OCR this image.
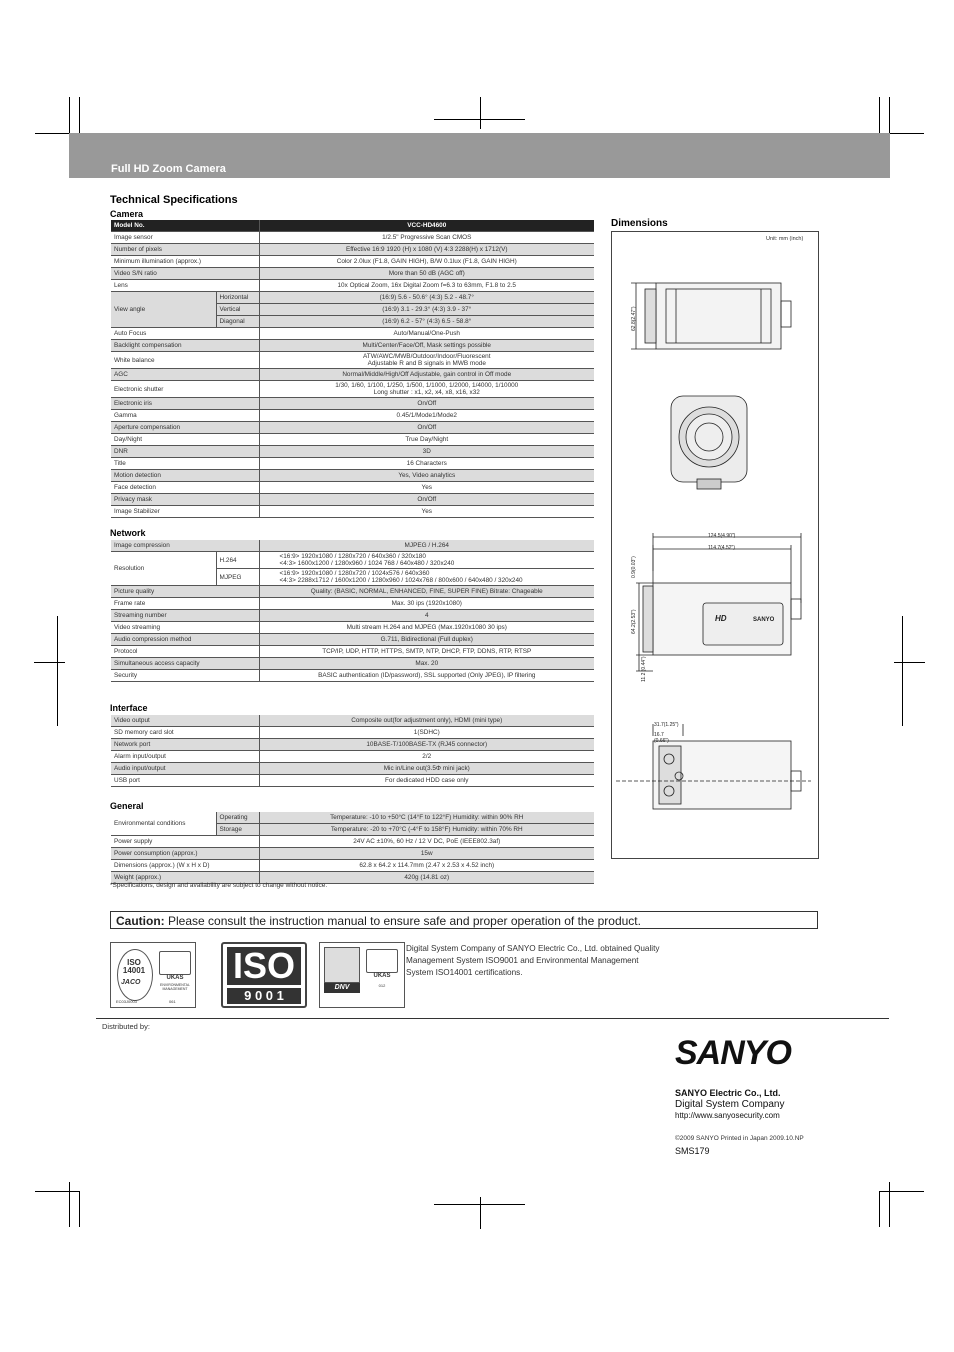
Full HD Zoom Camera
Technical Specifications
Camera
Model No.		VCC-HD4600
Image sensor		1/2.5" Progressive Scan CMOS
Number of pixels		Effective 16:9 1920 (H) x 1080 (V) 4:3 2288(H) x 1712(V)
Minimum illumination (approx.)		Color 2.0lux (F1.8, GAIN HIGH), B/W 0.1lux (F1.8, GAIN HIGH)
Video S/N ratio		More than 50 dB (AGC off)
Lens		10x Optical Zoom, 16x Digital Zoom f=6.3 to 63mm, F1.8 to 2.5
View angle	Horizontal	(16:9) 5.6 - 50.6° (4:3) 5.2 - 48.7°
	Vertical	(16:9) 3.1 - 29.3° (4:3) 3.9 - 37°
	Diagonal	(16:9) 6.2 - 57° (4:3) 6.5 - 58.8°
Auto Focus		Auto/Manual/One-Push
Backlight compensation		Multi/Center/Face/Off, Mask settings possible
White balance		ATW/AWC/MWB/Outdoor/Indoor/Fluorescent
Adjustable R and B signals in MWB mode

AGC		Normal/Middle/High/Off Adjustable, gain control in Off mode
Electronic shutter		1/30, 1/60, 1/100, 1/250, 1/500, 1/1000, 1/2000, 1/4000, 1/10000
Long shutter : x1, x2, x4, x8, x16, x32

Electronic iris		On/Off
Gamma		0.45/1/Mode1/Mode2
Aperture compensation		On/Off
Day/Night		True Day/Night
DNR		3D
Title		16 Characters
Motion detection		Yes, Video analytics
Face detection		Yes
Privacy mask		On/Off
Image Stabilizer		Yes
Network
Image compression		MJPEG / H.264
Resolution	H.264	<16:9> 1920x1080 / 1280x720 / 640x360 / 320x180
<4:3> 1600x1200 / 1280x960 / 1024 768 / 640x480 / 320x240

	MJPEG	<16:9> 1920x1080 / 1280x720 / 1024x576 / 640x360
<4:3> 2288x1712 / 1600x1200 / 1280x960 / 1024x768 / 800x600 / 640x480 / 320x240

Picture quality		Quality: (BASIC, NORMAL, ENHANCED, FINE, SUPER FINE) Bitrate: Chageable
Frame rate		Max. 30 ips (1920x1080)
Streaming number		4
Video streaming		Multi stream H.264 and MJPEG (Max.1920x1080 30 ips)
Audio compression method		G.711, Bidirectional (Full duplex)
Protocol		TCP/IP, UDP, HTTP, HTTPS, SMTP, NTP, DHCP, FTP, DDNS, RTP, RTSP
Simultaneous access capacity		Max. 20
Security		BASIC authentication (ID/password), SSL supported (Only JPEG), IP filtering
Interface
Video output	Composite out(for adjustment only), HDMI (mini type)
SD memory card slot	1(SDHC)
Network port	10BASE-T/100BASE-TX (RJ45 connector)
Alarm input/output	2/2
Audio input/output	Mic in/Line out(3.5Φ mini jack)
USB port	For dedicated HDD case only
General
Environmental conditions	Operating	Temperature: -10 to +50°C (14°F to 122°F) Humidity: within 90% RH
	Storage	Temperature: -20 to +70°C (-4°F to 158°F) Humidity: within 70% RH
Power supply		24V AC ±10%, 60 Hz / 12 V DC, PoE (IEEE802.3af)
Power consumption (approx.)		15w
Dimensions (approx.) (W x H x D)		62.8 x 64.2 x 114.7mm (2.47 x 2.53 x 4.52 inch)
Weight (approx.)		420g (14.81 oz)
*Specifications, design and availability are subject to change without notice.
Dimensions
Unit: mm (inch)
HD	SANYO
62.8(2.47")
124.5(4.90")
114.7(4.52")
0.9(0.03")
64.2(2.53")
11.2 (0.44")
31.7(1.25")
16.7 (0.66")
Caution: Please consult the instruction manual to ensure safe and proper operation of the product.
ISO 14001
JACO
UKAS
ENVIRONMENTAL MANAGEMENT
EC03J0003	061
ISO
9 0 0 1
DNV
UKAS
012
Digital System Company of SANYO Electric Co., Ltd. obtained Quality Management System ISO9001 and Environmental Management System ISO14001 certifications.
Distributed by:
SANYO
SANYO Electric Co., Ltd.
Digital System Company
http://www.sanyosecurity.com
©2009 SANYO Printed in Japan 2009.10.NP
SMS179
